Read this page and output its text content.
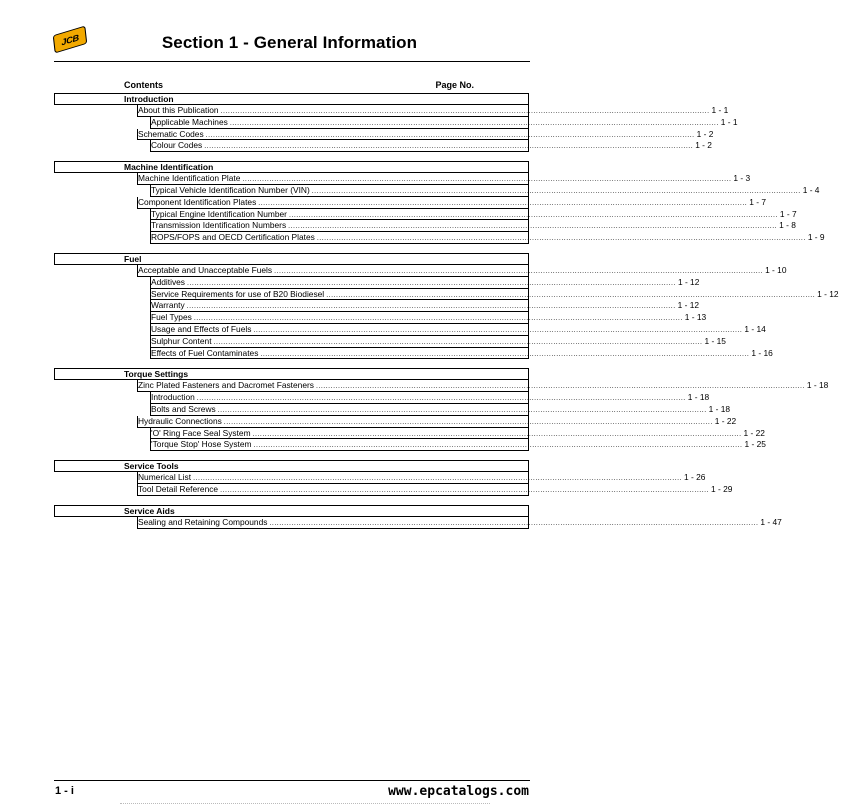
JCB	Section 1 - General Information
Contents	Page No.
Introduction
About this Publication ........................................................................................................................................................................................................ 1 - 1
Applicable Machines ........................................................................................................................................................................................................ 1 - 1
Schematic Codes ........................................................................................................................................................................................................ 1 - 2
Colour Codes ........................................................................................................................................................................................................ 1 - 2
Machine Identification
Machine Identification Plate ........................................................................................................................................................................................................ 1 - 3
Typical Vehicle Identification Number (VIN) ........................................................................................................................................................................................................ 1 - 4
Component Identification Plates ........................................................................................................................................................................................................ 1 - 7
Typical Engine Identification Number ........................................................................................................................................................................................................ 1 - 7
Transmission Identification Numbers ........................................................................................................................................................................................................ 1 - 8
ROPS/FOPS and OECD Certification Plates ........................................................................................................................................................................................................ 1 - 9
Fuel
Acceptable and Unacceptable Fuels ........................................................................................................................................................................................................ 1 - 10
Additives ........................................................................................................................................................................................................ 1 - 12
Service Requirements for use of B20 Biodiesel ........................................................................................................................................................................................................ 1 - 12
Warranty ........................................................................................................................................................................................................ 1 - 12
Fuel Types ........................................................................................................................................................................................................ 1 - 13
Usage and Effects of Fuels ........................................................................................................................................................................................................ 1 - 14
Sulphur Content ........................................................................................................................................................................................................ 1 - 15
Effects of Fuel Contaminates ........................................................................................................................................................................................................ 1 - 16
Torque Settings
Zinc Plated Fasteners and Dacromet Fasteners ........................................................................................................................................................................................................ 1 - 18
Introduction ........................................................................................................................................................................................................ 1 - 18
Bolts and Screws ........................................................................................................................................................................................................ 1 - 18
Hydraulic Connections ........................................................................................................................................................................................................ 1 - 22
'O' Ring Face Seal System ........................................................................................................................................................................................................ 1 - 22
'Torque Stop' Hose System ........................................................................................................................................................................................................ 1 - 25
Service Tools
Numerical List ........................................................................................................................................................................................................ 1 - 26
Tool Detail Reference ........................................................................................................................................................................................................ 1 - 29
Service Aids
Sealing and Retaining Compounds ........................................................................................................................................................................................................ 1 - 47
1 - i	www.epcatalogs.com
